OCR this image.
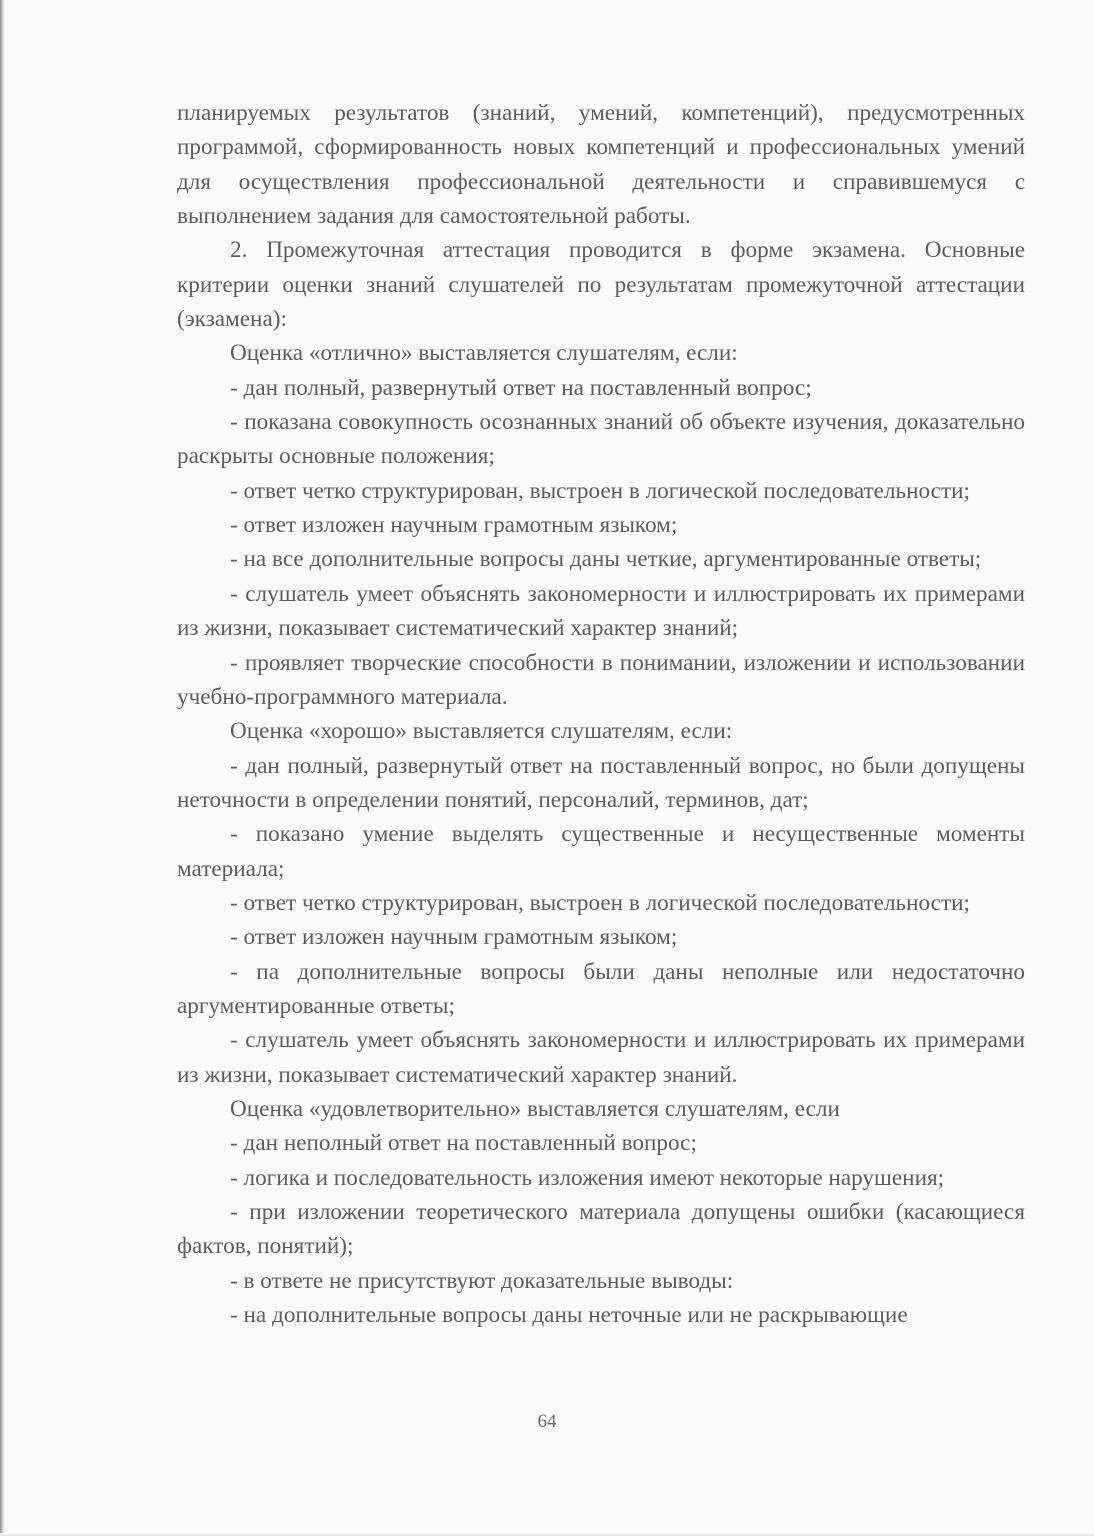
планируемых результатов (знаний, умений, компетенций), предусмотренных программой, сформированность новых компетенций и профессиональных умений для осуществления профессиональной деятельности и справившемуся с выполнением задания для самостоятельной работы.

2. Промежуточная аттестация проводится в форме экзамена. Основные критерии оценки знаний слушателей по результатам промежуточной аттестации (экзамена):

Оценка «отлично» выставляется слушателям, если:

- дан полный, развернутый ответ на поставленный вопрос;

- показана совокупность осознанных знаний об объекте изучения, доказательно раскрыты основные положения;

- ответ четко структурирован, выстроен в логической последовательности;

- ответ изложен научным грамотным языком;

- на все дополнительные вопросы даны четкие, аргументированные ответы;

- слушатель умеет объяснять закономерности и иллюстрировать их примерами из жизни, показывает систематический характер знаний;

- проявляет творческие способности в понимании, изложении и использовании учебно-программного материала.

Оценка «хорошо» выставляется слушателям, если:

- дан полный, развернутый ответ на поставленный вопрос, но были допущены неточности в определении понятий, персоналий, терминов, дат;

- показано умение выделять существенные и несущественные моменты материала;

- ответ четко структурирован, выстроен в логической последовательности;

- ответ изложен научным грамотным языком;

- па дополнительные вопросы были даны неполные или недостаточно аргументированные ответы;

- слушатель умеет объяснять закономерности и иллюстрировать их примерами из жизни, показывает систематический характер знаний.

Оценка «удовлетворительно» выставляется слушателям, если

- дан неполный ответ на поставленный вопрос;

- логика и последовательность изложения имеют некоторые нарушения;

- при изложении теоретического материала допущены ошибки (касающиеся фактов, понятий);

- в ответе не присутствуют доказательные выводы:

- на дополнительные вопросы даны неточные или не раскрывающие

64
